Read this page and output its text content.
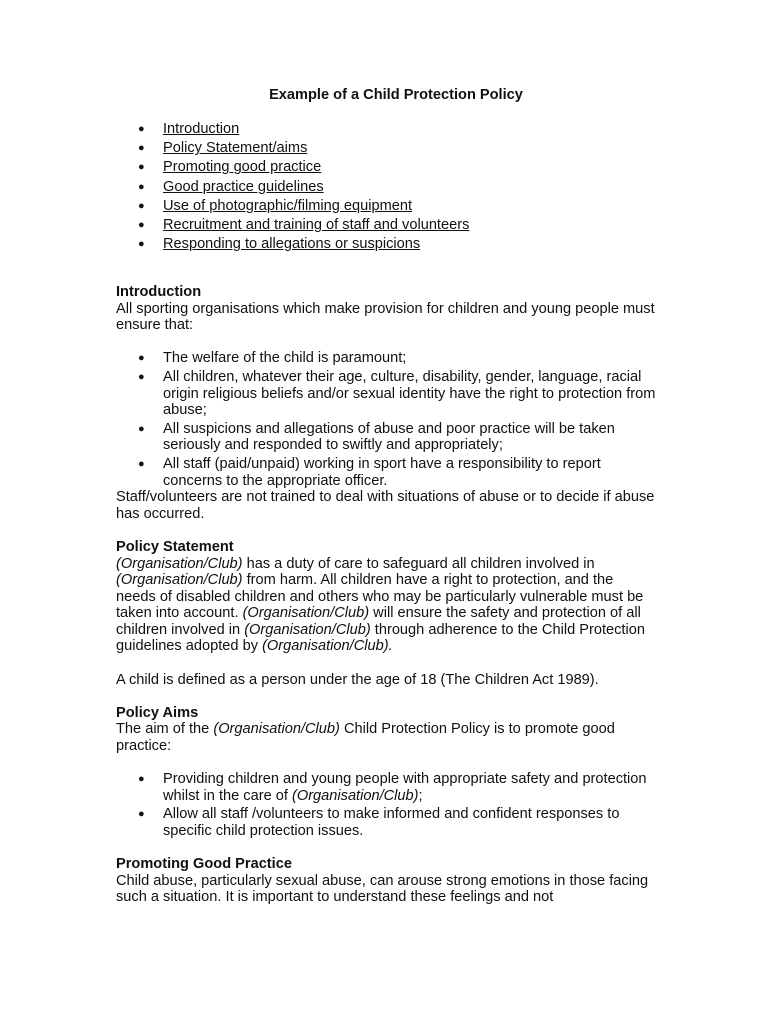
Example of a Child Protection Policy
● Introduction
● Policy Statement/aims
● Promoting good practice
● Good practice guidelines
● Use of photographic/filming equipment
● Recruitment and training of staff and volunteers
● Responding to allegations or suspicions
Introduction

All sporting organisations which make provision for children and young people must ensure that:

● The welfare of the child is paramount;
● All children, whatever their age, culture, disability, gender, language, racial origin religious beliefs and/or sexual identity have the right to protection from abuse;
● All suspicions and allegations of abuse and poor practice will be taken seriously and responded to swiftly and appropriately;
● All staff (paid/unpaid) working in sport have a responsibility to report concerns to the appropriate officer.

Staff/volunteers are not trained to deal with situations of abuse or to decide if abuse has occurred.

Policy Statement

(Organisation/Club) has a duty of care to safeguard all children involved in (Organisation/Club) from harm. All children have a right to protection, and the needs of disabled children and others who may be particularly vulnerable must be taken into account. (Organisation/Club) will ensure the safety and protection of all children involved in (Organisation/Club) through adherence to the Child Protection guidelines adopted by (Organisation/Club).

A child is defined as a person under the age of 18 (The Children Act 1989).

Policy Aims

The aim of the (Organisation/Club) Child Protection Policy is to promote good practice:

● Providing children and young people with appropriate safety and protection whilst in the care of (Organisation/Club);
● Allow all staff /volunteers to make informed and confident responses to specific child protection issues.
Promoting Good Practice

Child abuse, particularly sexual abuse, can arouse strong emotions in those facing such a situation. It is important to understand these feelings and not
